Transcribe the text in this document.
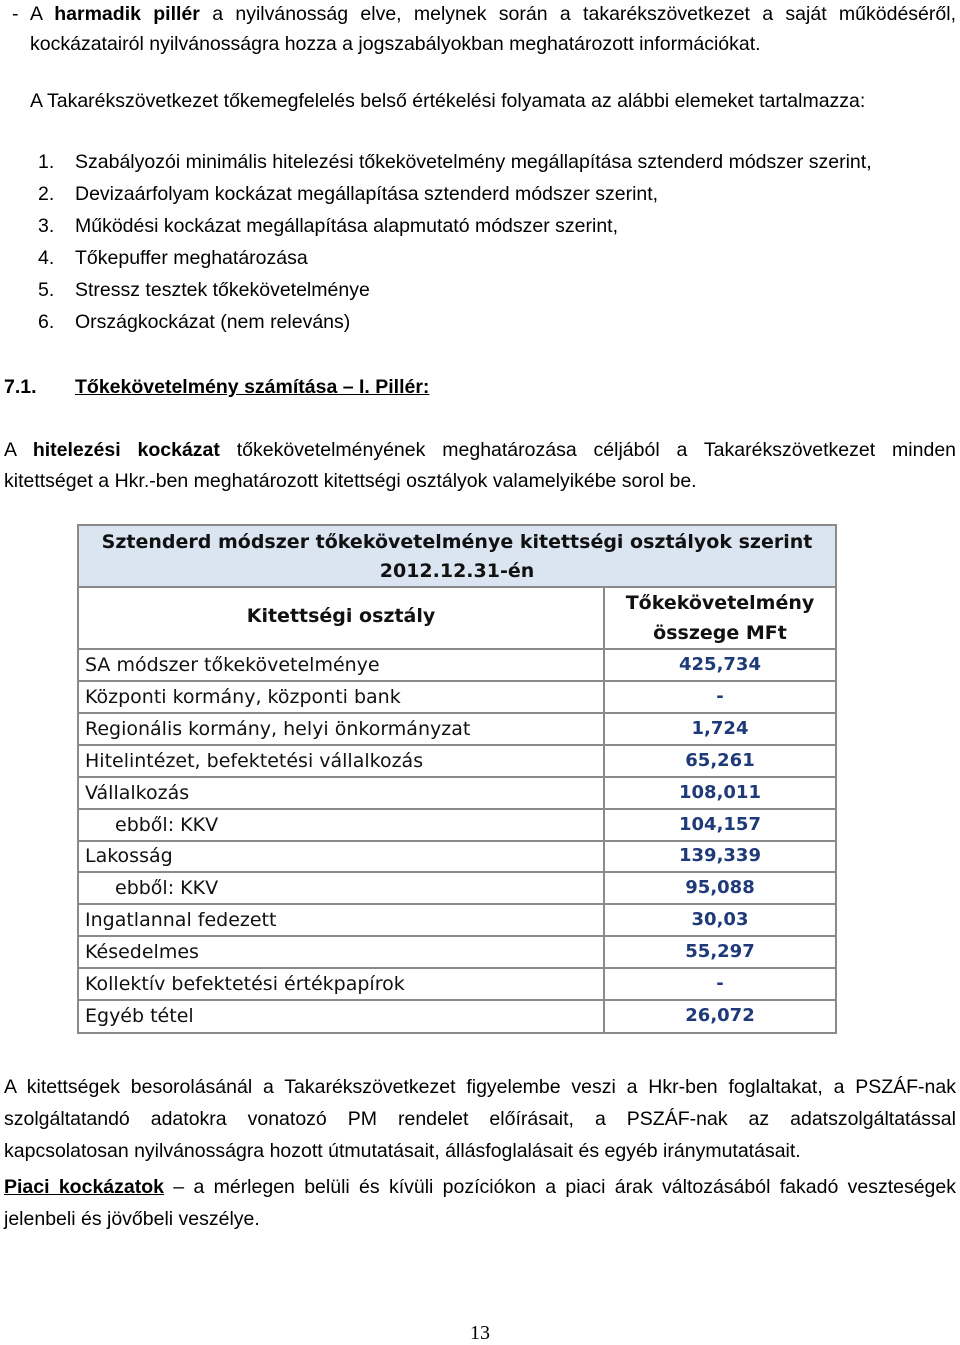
A harmadik pillér a nyilvánosság elve, melynek során a takarékszövetkezet a saját működéséről,
-
kockázatairól nyilvánosságra hozza a jogszabályokban meghatározott információkat.
A Takarékszövetkezet tőkemegfelelés belső értékelési folyamata az alábbi elemeket tartalmazza:
1. Szabályozói minimális hitelezési tőkekövetelmény megállapítása sztenderd módszer szerint,
2. Devizaárfolyam kockázat megállapítása sztenderd módszer szerint,
3. Működési kockázat megállapítása alapmutató módszer szerint,
4. Tőkepuffer meghatározása
5. Stressz tesztek tőkekövetelménye
6. Országkockázat (nem releváns)
7.1. Tőkekövetelmény számítása – I. Pillér:
A hitelezési kockázat tőkekövetelményének meghatározása céljából a Takarékszövetkezet minden
kitettséget a Hkr.-ben meghatározott kitettségi osztályok valamelyikébe sorol be.
Sztenderd módszer tőkekövetelménye kitettségi osztályok szerint
2012.12.31-én
Kitettségi osztály
Tőkekövetelmény
összege MFt
SA módszer tőkekövetelménye	425,734
Központi kormány, központi bank	-
Regionális kormány, helyi önkormányzat	1,724
Hitelintézet, befektetési vállalkozás	65,261
Vállalkozás	108,011
ebből: KKV	104,157
Lakosság	139,339
ebből: KKV	95,088
Ingatlannal fedezett	30,03
Késedelmes	55,297
Kollektív befektetési értékpapírok	-
Egyéb tétel	26,072
A kitettségek besorolásánál a Takarékszövetkezet figyelembe veszi a Hkr-ben foglaltakat, a PSZÁF-nak
szolgáltatandó adatokra vonatozó PM rendelet előírásait, a PSZÁF-nak az adatszolgáltatással
kapcsolatosan nyilvánosságra hozott útmutatásait, állásfoglalásait és egyéb iránymutatásait.
Piaci kockázatok – a mérlegen belüli és kívüli pozíciókon a piaci árak változásából fakadó veszteségek
jelenbeli és jövőbeli veszélye.
13
